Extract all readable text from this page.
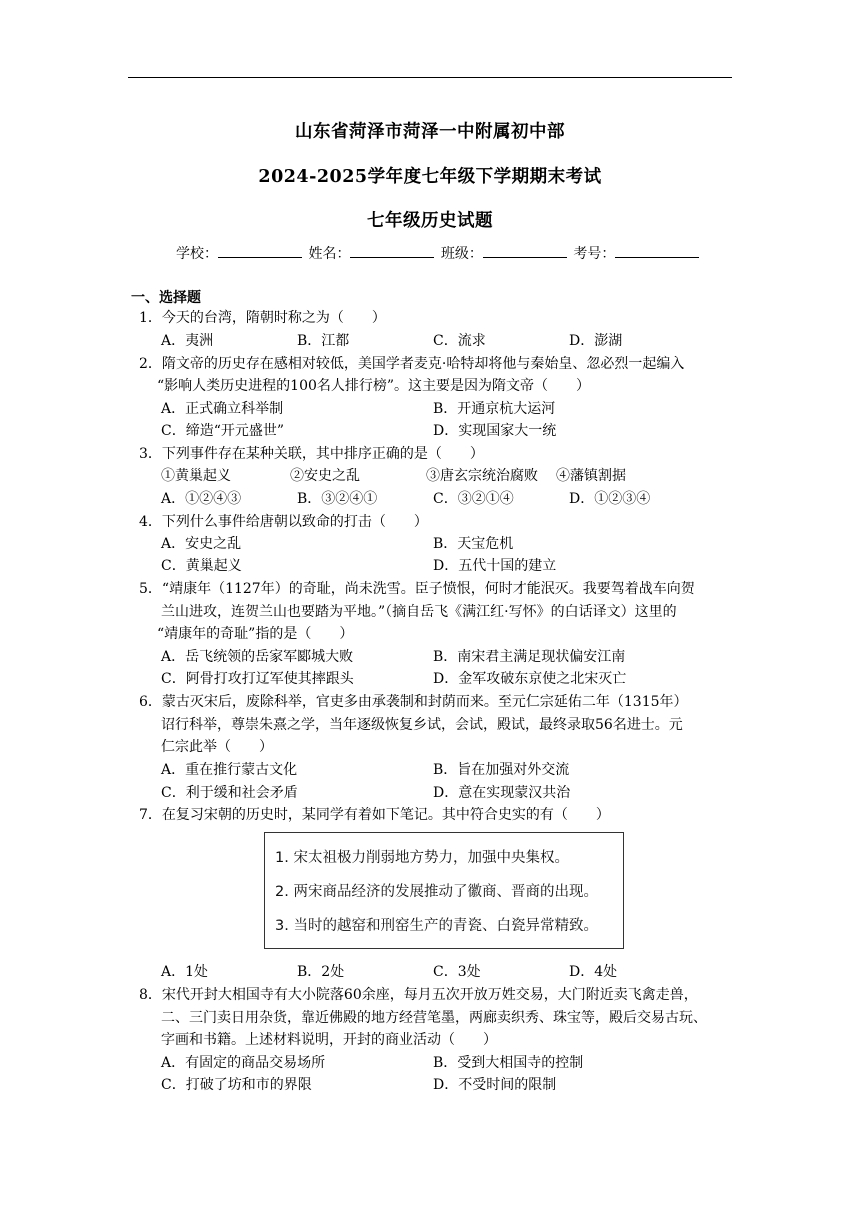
山东省菏泽市菏泽一中附属初中部
2024-2025学年度七年级下学期期末考试
七年级历史试题
学校：	姓名：	班级：	考号：
一、选择题
1．今天的台湾，隋朝时称之为（　　）
A．夷洲	B．江都	C．流求	D．澎湖
2．隋文帝的历史存在感相对较低，美国学者麦克·哈特却将他与秦始皇、忽必烈一起编入
“影响人类历史进程的100名人排行榜”。这主要是因为隋文帝（　　）
A．正式确立科举制	B．开通京杭大运河
C．缔造“开元盛世”	D．实现国家大一统
3．下列事件存在某种关联，其中排序正确的是（　　）
①黄巢起义	②安史之乱	③唐玄宗统治腐败 ④藩镇割据
A．①②④③	B．③②④①	C．③②①④	D．①②③④
4．下列什么事件给唐朝以致命的打击（　　）
A．安史之乱	B．天宝危机
C．黄巢起义	D．五代十国的建立
5．“靖康年（1127年）的奇耻，尚未洗雪。臣子愤恨，何时才能泯灭。我要驾着战车向贺
兰山进攻，连贺兰山也要踏为平地。”（摘自岳飞《满江红·写怀》的白话译文）这里的
“靖康年的奇耻”指的是（　　）
A．岳飞统领的岳家军郾城大败	B．南宋君主满足现状偏安江南
C．阿骨打攻打辽军使其摔跟头	D．金军攻破东京使之北宋灭亡
6．蒙古灭宋后，废除科举，官吏多由承袭制和封荫而来。至元仁宗延佑二年（1315年）
诏行科举，尊崇朱熹之学，当年逐级恢复乡试，会试，殿试，最终录取56名进士。元
仁宗此举（　　）
A．重在推行蒙古文化	B．旨在加强对外交流
C．利于缓和社会矛盾	D．意在实现蒙汉共治
7．在复习宋朝的历史时，某同学有着如下笔记。其中符合史实的有（　　）
1. 宋太祖极力削弱地方势力，加强中央集权。
2. 两宋商品经济的发展推动了徽商、晋商的出现。
3. 当时的越窑和刑窑生产的青瓷、白瓷异常精致。
A．1处	B．2处	C．3处	D．4处
8．宋代开封大相国寺有大小院落60余座，每月五次开放万姓交易，大门附近卖飞禽走兽，
二、三门卖日用杂货，靠近佛殿的地方经营笔墨，两廊卖织秀、珠宝等，殿后交易古玩、
字画和书籍。上述材料说明，开封的商业活动（　　）
A．有固定的商品交易场所	B．受到大相国寺的控制
C．打破了坊和市的界限	D．不受时间的限制
